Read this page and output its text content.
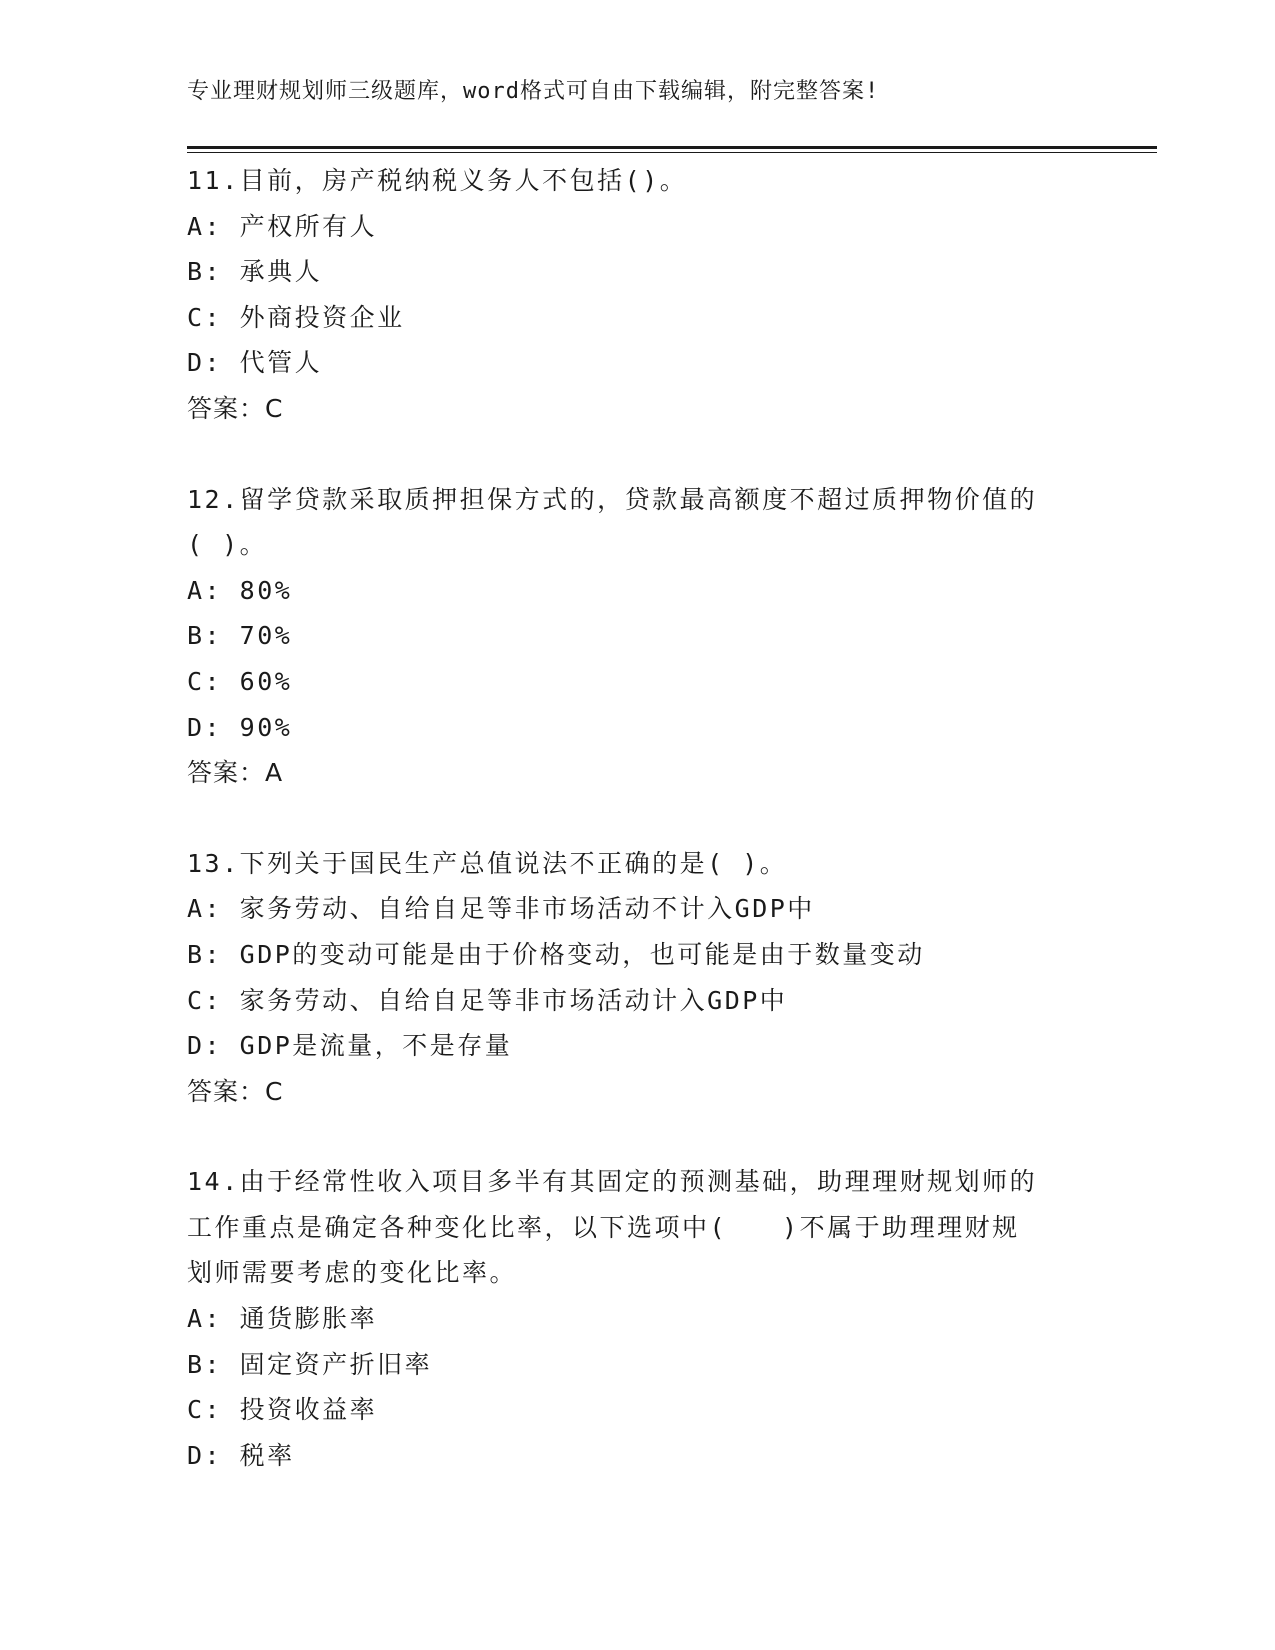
专业理财规划师三级题库，word格式可自由下载编辑，附完整答案!
11.目前，房产税纳税义务人不包括()。
A: 产权所有人
B: 承典人
C: 外商投资企业
D: 代管人
答案：C
12.留学贷款采取质押担保方式的，贷款最高额度不超过质押物价值的
( )。
A: 80%
B: 70%
C: 60%
D: 90%
答案：A
13.下列关于国民生产总值说法不正确的是( )。
A: 家务劳动、自给自足等非市场活动不计入GDP中
B: GDP的变动可能是由于价格变动，也可能是由于数量变动
C: 家务劳动、自给自足等非市场活动计入GDP中
D: GDP是流量，不是存量
答案：C
14.由于经常性收入项目多半有其固定的预测基础，助理理财规划师的
工作重点是确定各种变化比率，以下选项中(　　)不属于助理理财规
划师需要考虑的变化比率。
A: 通货膨胀率
B: 固定资产折旧率
C: 投资收益率
D: 税率
